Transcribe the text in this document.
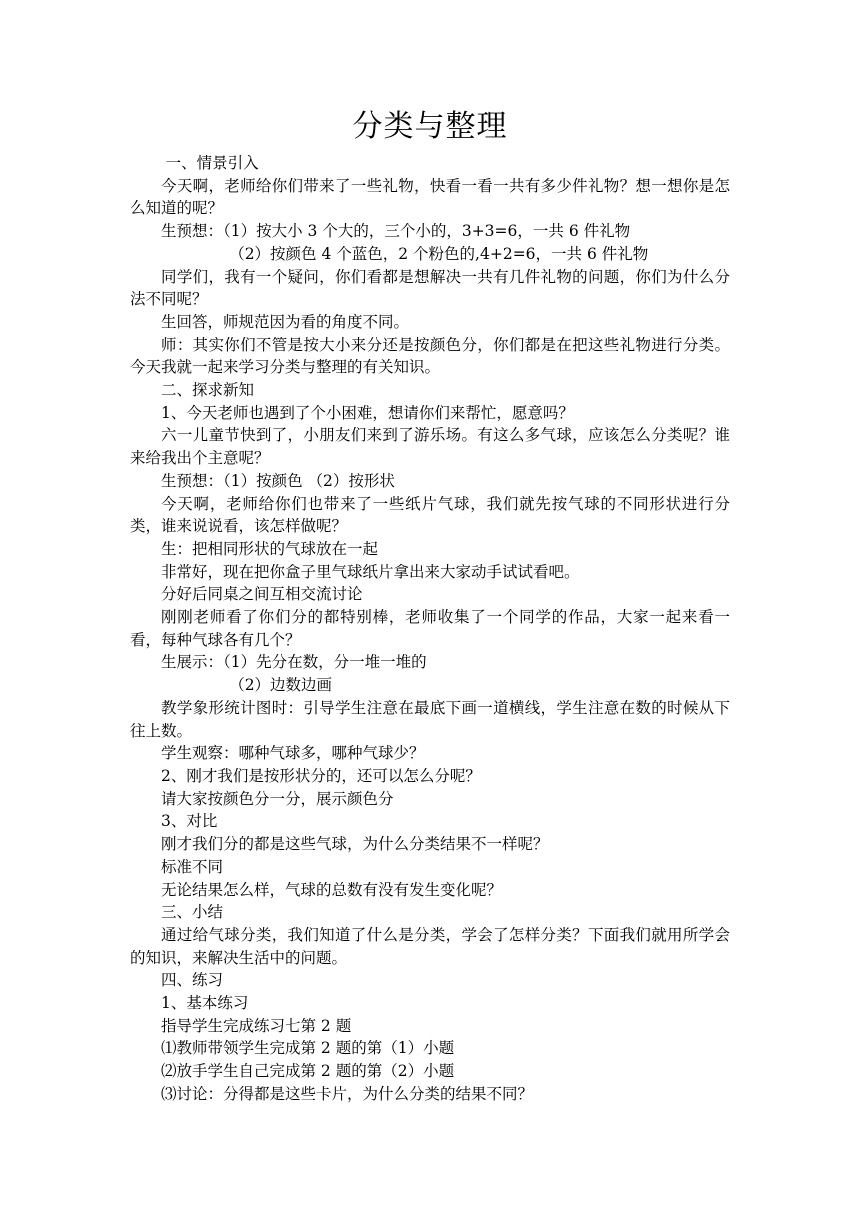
分类与整理

一、情景引入

今天啊，老师给你们带来了一些礼物，快看一看一共有多少件礼物？想一想你是怎么知道的呢？

生预想：（1）按大小 3 个大的，三个小的，3+3=6，一共 6 件礼物

（2）按颜色 4 个蓝色，2 个粉色的,4+2=6，一共 6 件礼物

同学们，我有一个疑问，你们看都是想解决一共有几件礼物的问题，你们为什么分法不同呢？

生回答，师规范因为看的角度不同。

师：其实你们不管是按大小来分还是按颜色分，你们都是在把这些礼物进行分类。今天我就一起来学习分类与整理的有关知识。

二、探求新知

1、今天老师也遇到了个小困难，想请你们来帮忙，愿意吗？

六一儿童节快到了，小朋友们来到了游乐场。有这么多气球，应该怎么分类呢？谁来给我出个主意呢？

生预想：（1）按颜色 （2）按形状

今天啊，老师给你们也带来了一些纸片气球，我们就先按气球的不同形状进行分类，谁来说说看，该怎样做呢？

生：把相同形状的气球放在一起

非常好，现在把你盒子里气球纸片拿出来大家动手试试看吧。

分好后同桌之间互相交流讨论

刚刚老师看了你们分的都特别棒，老师收集了一个同学的作品，大家一起来看一看，每种气球各有几个？

生展示：（1）先分在数，分一堆一堆的

（2）边数边画

教学象形统计图时：引导学生注意在最底下画一道横线，学生注意在数的时候从下往上数。

学生观察：哪种气球多，哪种气球少？

2、刚才我们是按形状分的，还可以怎么分呢？

请大家按颜色分一分，展示颜色分

3、对比

刚才我们分的都是这些气球，为什么分类结果不一样呢？

标准不同

无论结果怎么样，气球的总数有没有发生变化呢？

三、小结

通过给气球分类，我们知道了什么是分类，学会了怎样分类？下面我们就用所学会的知识，来解决生活中的问题。

四、练习

1、基本练习

指导学生完成练习七第 2 题

⑴教师带领学生完成第 2 题的第（1）小题

⑵放手学生自己完成第 2 题的第（2）小题

⑶讨论：分得都是这些卡片，为什么分类的结果不同？
